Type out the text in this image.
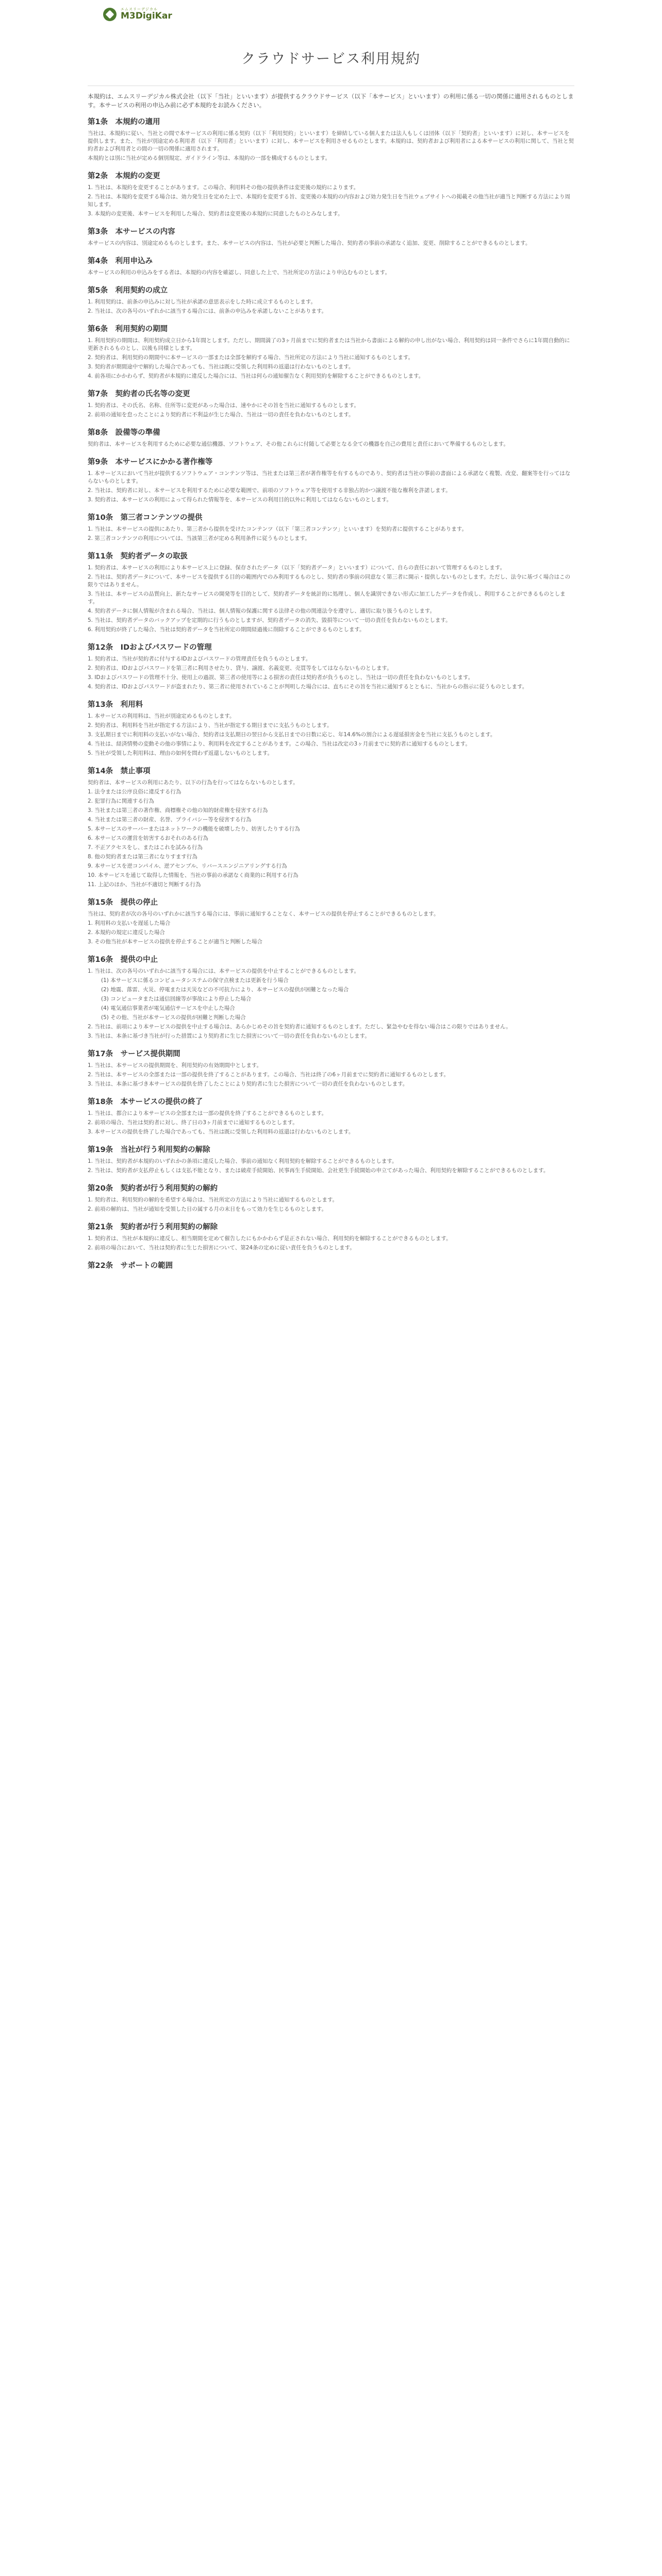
エムスリーデジカル
M3DigiKar
クラウドサービス利用規約

本規約は、エムスリーデジカル株式会社（以下「当社」といいます）が提供するクラウドサービス（以下「本サービス」といいます）の利用に係る一切の関係に適用されるものとします。本サービスの利用の申込み前に必ず本規約をお読みください。

第1条　本規約の適用

当社は、本規約に従い、当社との間で本サービスの利用に係る契約（以下「利用契約」といいます）を締結している個人または法人もしくは団体（以下「契約者」といいます）に対し、本サービスを提供します。また、当社が別途定める利用者（以下「利用者」といいます）に対し、本サービスを利用させるものとします。本規約は、契約者および利用者による本サービスの利用に関して、当社と契約者および利用者との間の一切の関係に適用されます。

本規約とは別に当社が定める個別規定、ガイドライン等は、本規約の一部を構成するものとします。

第2条　本規約の変更

1. 当社は、本規約を変更することがあります。この場合、利用料その他の提供条件は変更後の規約によります。

2. 当社は、本規約を変更する場合は、効力発生日を定めた上で、本規約を変更する旨、変更後の本規約の内容および効力発生日を当社ウェブサイトへの掲載その他当社が適当と判断する方法により周知します。

3. 本規約の変更後、本サービスを利用した場合、契約者は変更後の本規約に同意したものとみなします。

第3条　本サービスの内容

本サービスの内容は、別途定めるものとします。また、本サービスの内容は、当社が必要と判断した場合、契約者の事前の承諾なく追加、変更、削除することができるものとします。

第4条　利用申込み

本サービスの利用の申込みをする者は、本規約の内容を確認し、同意した上で、当社所定の方法により申込むものとします。

第5条　利用契約の成立

1. 利用契約は、前条の申込みに対し当社が承諾の意思表示をした時に成立するものとします。

2. 当社は、次の各号のいずれかに該当する場合には、前条の申込みを承諾しないことがあります。

第6条　利用契約の期間

1. 利用契約の期間は、利用契約成立日から1年間とします。ただし、期間満了の3ヶ月前までに契約者または当社から書面による解約の申し出がない場合、利用契約は同一条件でさらに1年間自動的に更新されるものとし、以後も同様とします。

2. 契約者は、利用契約の期間中に本サービスの一部または全部を解約する場合、当社所定の方法により当社に通知するものとします。

3. 契約者が期間途中で解約した場合であっても、当社は既に受領した利用料の返還は行わないものとします。

4. 前各項にかかわらず、契約者が本規約に違反した場合には、当社は何らの通知催告なく利用契約を解除することができるものとします。

第7条　契約者の氏名等の変更

1. 契約者は、その氏名、名称、住所等に変更があった場合は、速やかにその旨を当社に通知するものとします。

2. 前項の通知を怠ったことにより契約者に不利益が生じた場合、当社は一切の責任を負わないものとします。

第8条　設備等の準備

契約者は、本サービスを利用するために必要な通信機器、ソフトウェア、その他これらに付随して必要となる全ての機器を自己の費用と責任において準備するものとします。

第9条　本サービスにかかる著作権等

1. 本サービスにおいて当社が提供するソフトウェア・コンテンツ等は、当社または第三者が著作権等を有するものであり、契約者は当社の事前の書面による承諾なく複製、改変、翻案等を行ってはならないものとします。

2. 当社は、契約者に対し、本サービスを利用するために必要な範囲で、前項のソフトウェア等を使用する非独占的かつ譲渡不能な権利を許諾します。

3. 契約者は、本サービスの利用によって得られた情報等を、本サービスの利用目的以外に利用してはならないものとします。

第10条　第三者コンテンツの提供

1. 当社は、本サービスの提供にあたり、第三者から提供を受けたコンテンツ（以下「第三者コンテンツ」といいます）を契約者に提供することがあります。

2. 第三者コンテンツの利用については、当該第三者が定める利用条件に従うものとします。

第11条　契約者データの取扱

1. 契約者は、本サービスの利用により本サービス上に登録、保存されたデータ（以下「契約者データ」といいます）について、自らの責任において管理するものとします。

2. 当社は、契約者データについて、本サービスを提供する目的の範囲内でのみ利用するものとし、契約者の事前の同意なく第三者に開示・提供しないものとします。ただし、法令に基づく場合はこの限りではありません。

3. 当社は、本サービスの品質向上、新たなサービスの開発等を目的として、契約者データを統計的に処理し、個人を識別できない形式に加工したデータを作成し、利用することができるものとします。

4. 契約者データに個人情報が含まれる場合、当社は、個人情報の保護に関する法律その他の関連法令を遵守し、適切に取り扱うものとします。

5. 当社は、契約者データのバックアップを定期的に行うものとしますが、契約者データの消失、毀損等について一切の責任を負わないものとします。

6. 利用契約が終了した場合、当社は契約者データを当社所定の期間経過後に削除することができるものとします。

第12条　IDおよびパスワードの管理

1. 契約者は、当社が契約者に付与するIDおよびパスワードの管理責任を負うものとします。

2. 契約者は、IDおよびパスワードを第三者に利用させたり、貸与、譲渡、名義変更、売買等をしてはならないものとします。

3. IDおよびパスワードの管理不十分、使用上の過誤、第三者の使用等による損害の責任は契約者が負うものとし、当社は一切の責任を負わないものとします。

4. 契約者は、IDおよびパスワードが盗まれたり、第三者に使用されていることが判明した場合には、直ちにその旨を当社に通知するとともに、当社からの指示に従うものとします。

第13条　利用料

1. 本サービスの利用料は、当社が別途定めるものとします。

2. 契約者は、利用料を当社が指定する方法により、当社が指定する期日までに支払うものとします。

3. 支払期日までに利用料の支払いがない場合、契約者は支払期日の翌日から支払日までの日数に応じ、年14.6%の割合による遅延損害金を当社に支払うものとします。

4. 当社は、経済情勢の変動その他の事情により、利用料を改定することがあります。この場合、当社は改定の3ヶ月前までに契約者に通知するものとします。

5. 当社が受領した利用料は、理由の如何を問わず返還しないものとします。

第14条　禁止事項

契約者は、本サービスの利用にあたり、以下の行為を行ってはならないものとします。

1. 法令または公序良俗に違反する行為

2. 犯罪行為に関連する行為

3. 当社または第三者の著作権、商標権その他の知的財産権を侵害する行為

4. 当社または第三者の財産、名誉、プライバシー等を侵害する行為

5. 本サービスのサーバーまたはネットワークの機能を破壊したり、妨害したりする行為

6. 本サービスの運営を妨害するおそれのある行為

7. 不正アクセスをし、またはこれを試みる行為

8. 他の契約者または第三者になりすます行為

9. 本サービスを逆コンパイル、逆アセンブル、リバースエンジニアリングする行為

10. 本サービスを通じて取得した情報を、当社の事前の承諾なく商業的に利用する行為

11. 上記のほか、当社が不適切と判断する行為

第15条　提供の停止

当社は、契約者が次の各号のいずれかに該当する場合には、事前に通知することなく、本サービスの提供を停止することができるものとします。

1. 利用料の支払いを遅延した場合

2. 本規約の規定に違反した場合

3. その他当社が本サービスの提供を停止することが適当と判断した場合

第16条　提供の中止

1. 当社は、次の各号のいずれかに該当する場合には、本サービスの提供を中止することができるものとします。

(1) 本サービスに係るコンピュータシステムの保守点検または更新を行う場合

(2) 地震、落雷、火災、停電または天災などの不可抗力により、本サービスの提供が困難となった場合

(3) コンピュータまたは通信回線等が事故により停止した場合

(4) 電気通信事業者が電気通信サービスを中止した場合

(5) その他、当社が本サービスの提供が困難と判断した場合

2. 当社は、前項により本サービスの提供を中止する場合は、あらかじめその旨を契約者に通知するものとします。ただし、緊急やむを得ない場合はこの限りではありません。

3. 当社は、本条に基づき当社が行った措置により契約者に生じた損害について一切の責任を負わないものとします。

第17条　サービス提供期間

1. 当社は、本サービスの提供期間を、利用契約の有効期間中とします。

2. 当社は、本サービスの全部または一部の提供を終了することがあります。この場合、当社は終了の6ヶ月前までに契約者に通知するものとします。

3. 当社は、本条に基づき本サービスの提供を終了したことにより契約者に生じた損害について一切の責任を負わないものとします。

第18条　本サービスの提供の終了

1. 当社は、都合により本サービスの全部または一部の提供を終了することができるものとします。

2. 前項の場合、当社は契約者に対し、終了日の3ヶ月前までに通知するものとします。

3. 本サービスの提供を終了した場合であっても、当社は既に受領した利用料の返還は行わないものとします。

第19条　当社が行う利用契約の解除

1. 当社は、契約者が本規約のいずれかの条項に違反した場合、事前の通知なく利用契約を解除することができるものとします。

2. 当社は、契約者が支払停止もしくは支払不能となり、または破産手続開始、民事再生手続開始、会社更生手続開始の申立てがあった場合、利用契約を解除することができるものとします。

第20条　契約者が行う利用契約の解約

1. 契約者は、利用契約の解約を希望する場合は、当社所定の方法により当社に通知するものとします。

2. 前項の解約は、当社が通知を受領した日の属する月の末日をもって効力を生じるものとします。

第21条　契約者が行う利用契約の解除

1. 契約者は、当社が本規約に違反し、相当期間を定めて催告したにもかかわらず是正されない場合、利用契約を解除することができるものとします。

2. 前項の場合において、当社は契約者に生じた損害について、第24条の定めに従い責任を負うものとします。

第22条　サポートの範囲
